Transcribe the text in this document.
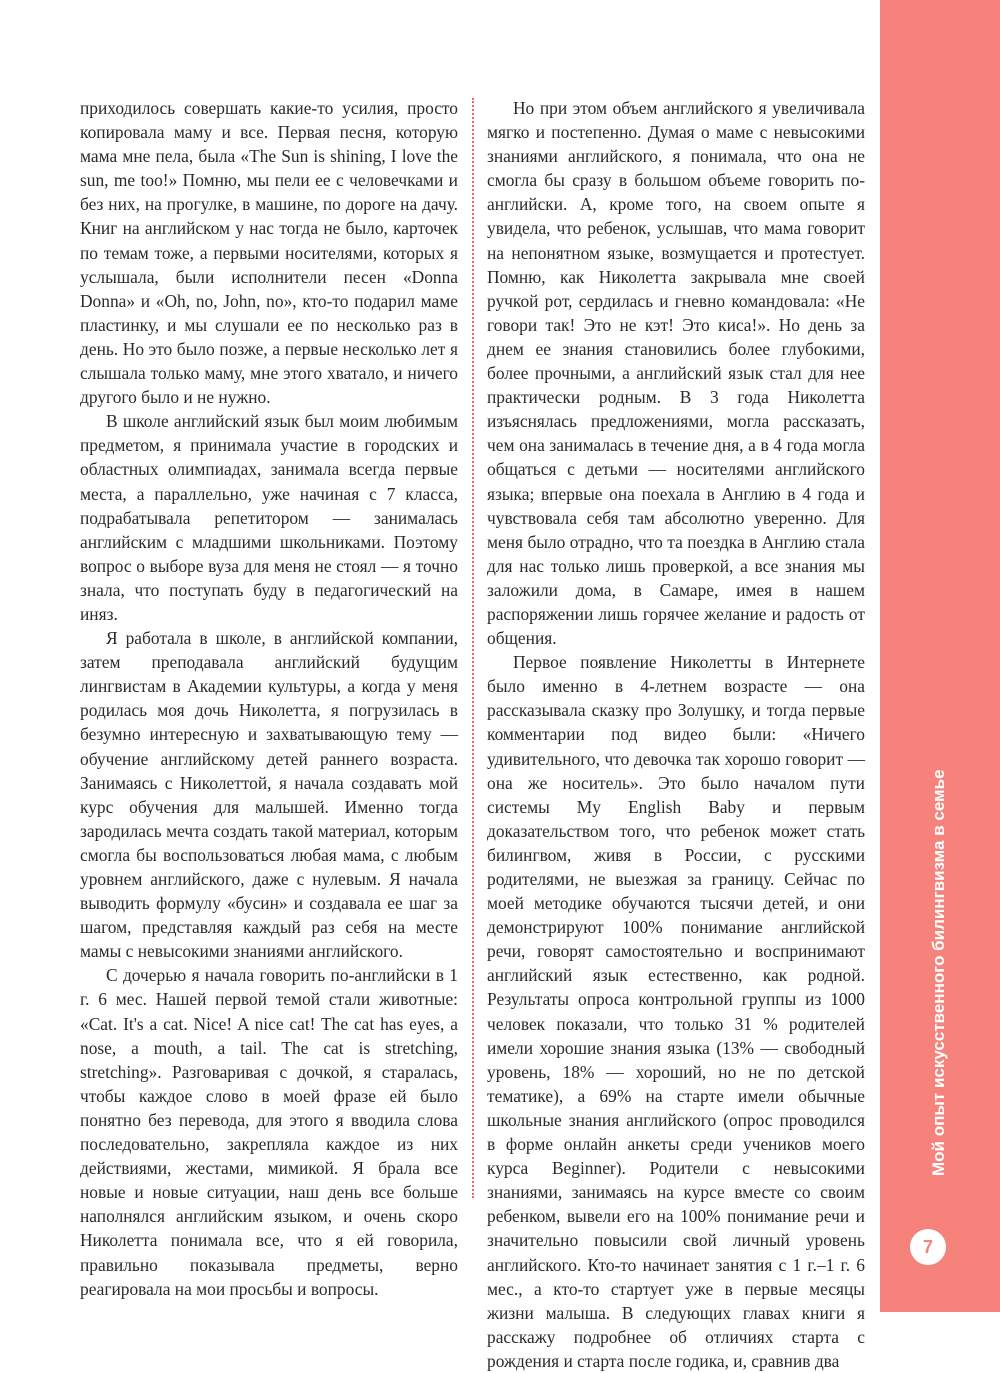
приходилось совершать какие-то усилия, просто копировала маму и все. Первая песня, которую мама мне пела, была «The Sun is shining, I love the sun, me too!» Помню, мы пели ее с человечками и без них, на прогулке, в машине, по дороге на дачу. Книг на английском у нас тогда не было, карточек по темам тоже, а первыми носителями, которых я услышала, были исполнители песен «Donna Donna» и «Oh, no, John, no», кто-то подарил маме пластинку, и мы слушали ее по несколько раз в день. Но это было позже, а первые несколько лет я слышала только маму, мне этого хватало, и ничего другого было и не нужно.

В школе английский язык был моим любимым предметом, я принимала участие в городских и областных олимпиадах, занимала всегда первые места, а параллельно, уже начиная с 7 класса, подрабатывала репетитором — занималась английским с младшими школьниками. Поэтому вопрос о выборе вуза для меня не стоял — я точно знала, что поступать буду в педагогический на иняз.

Я работала в школе, в английской компании, затем преподавала английский будущим лингвистам в Академии культуры, а когда у меня родилась моя дочь Николетта, я погрузилась в безумно интересную и захватывающую тему — обучение английскому детей раннего возраста. Занимаясь с Николеттой, я начала создавать мой курс обучения для малышей. Именно тогда зародилась мечта создать такой материал, которым смогла бы воспользоваться любая мама, с любым уровнем английского, даже с нулевым. Я начала выводить формулу «бусин» и создавала ее шаг за шагом, представляя каждый раз себя на месте мамы с невысокими знаниями английского.

С дочерью я начала говорить по-английски в 1 г. 6 мес. Нашей первой темой стали животные: «Cat. It's a cat. Nice! A nice cat! The cat has eyes, a nose, a mouth, a tail. The cat is stretching, stretching». Разговаривая с дочкой, я старалась, чтобы каждое слово в моей фразе ей было понятно без перевода, для этого я вводила слова последовательно, закрепляла каждое из них действиями, жестами, мимикой. Я брала все новые и новые ситуации, наш день все больше наполнялся английским языком, и очень скоро Николетта понимала все, что я ей говорила, правильно показывала предметы, верно реагировала на мои просьбы и вопросы.

Но при этом объем английского я увеличивала мягко и постепенно. Думая о маме с невысокими знаниями английского, я понимала, что она не смогла бы сразу в большом объеме говорить по-английски. А, кроме того, на своем опыте я увидела, что ребенок, услышав, что мама говорит на непонятном языке, возмущается и протестует. Помню, как Николетта закрывала мне своей ручкой рот, сердилась и гневно командовала: «Не говори так! Это не кэт! Это киса!». Но день за днем ее знания становились более глубокими, более прочными, а английский язык стал для нее практически родным. В 3 года Николетта изъяснялась предложениями, могла рассказать, чем она занималась в течение дня, а в 4 года могла общаться с детьми — носителями английского языка; впервые она поехала в Англию в 4 года и чувствовала себя там абсолютно уверенно. Для меня было отрадно, что та поездка в Англию стала для нас только лишь проверкой, а все знания мы заложили дома, в Самаре, имея в нашем распоряжении лишь горячее желание и радость от общения.

Первое появление Николетты в Интернете было именно в 4-летнем возрасте — она рассказывала сказку про Золушку, и тогда первые комментарии под видео были: «Ничего удивительного, что девочка так хорошо говорит — она же носитель». Это было началом пути системы My English Baby и первым доказательством того, что ребенок может стать билингвом, живя в России, с русскими родителями, не выезжая за границу. Сейчас по моей методике обучаются тысячи детей, и они демонстрируют 100% понимание английской речи, говорят самостоятельно и воспринимают английский язык естественно, как родной. Результаты опроса контрольной группы из 1000 человек показали, что только 31 % родителей имели хорошие знания языка (13% — свободный уровень, 18% — хороший, но не по детской тематике), а 69% на старте имели обычные школьные знания английского (опрос проводился в форме онлайн анкеты среди учеников моего курса Beginner). Родители с невысокими знаниями, занимаясь на курсе вместе со своим ребенком, вывели его на 100% понимание речи и значительно повысили свой личный уровень английского. Кто-то начинает занятия с 1 г.–1 г. 6 мес., а кто-то стартует уже в первые месяцы жизни малыша. В следующих главах книги я расскажу подробнее об отличиях старта с рождения и старта после годика, и, сравнив два

Мой опыт искусственного билингвизма в семье
7
